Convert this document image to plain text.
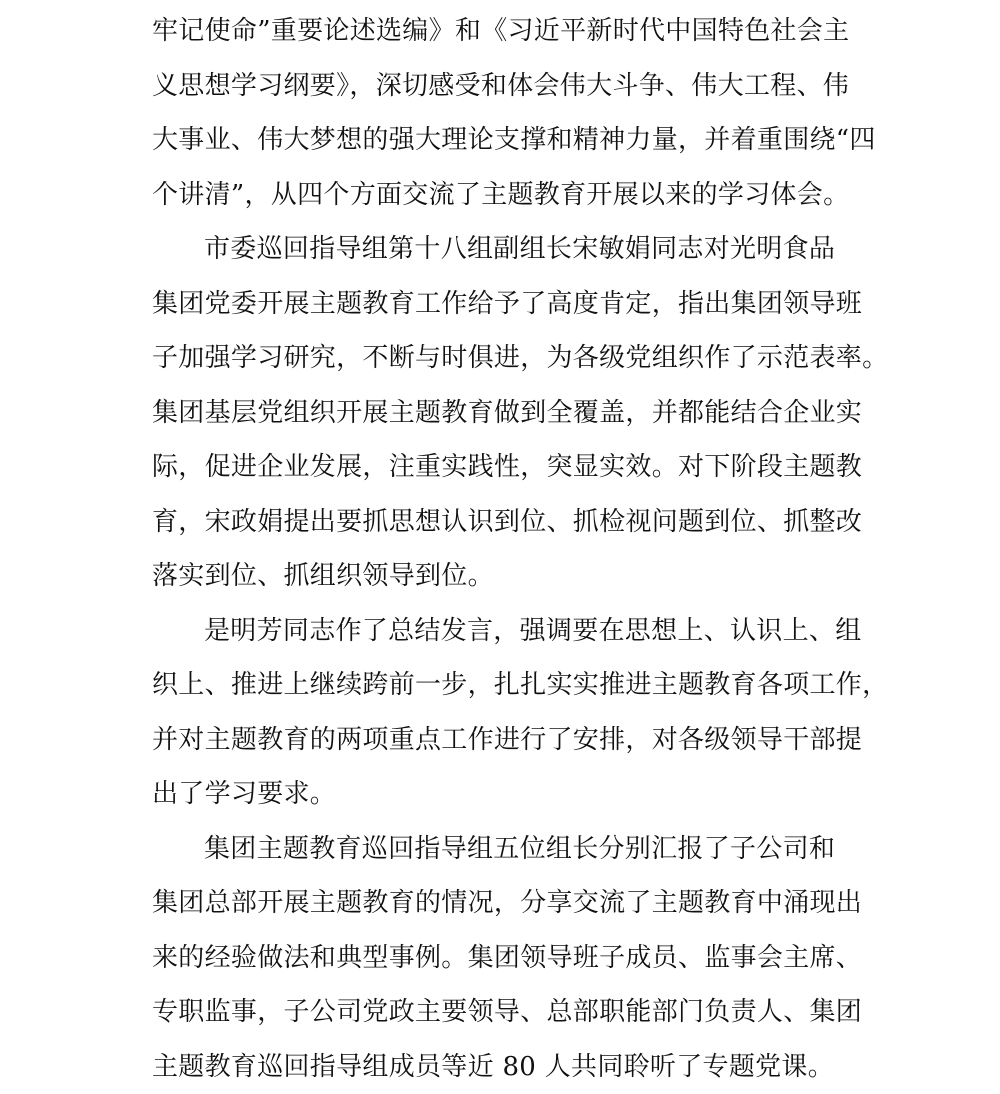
牢记使命”重要论述选编》和《习近平新时代中国特色社会主
义思想学习纲要》，深切感受和体会伟大斗争、伟大工程、伟
大事业、伟大梦想的强大理论支撑和精神力量，并着重围绕“四
个讲清”，从四个方面交流了主题教育开展以来的学习体会。
市委巡回指导组第十八组副组长宋敏娟同志对光明食品
集团党委开展主题教育工作给予了高度肯定，指出集团领导班
子加强学习研究，不断与时俱进，为各级党组织作了示范表率。
集团基层党组织开展主题教育做到全覆盖，并都能结合企业实
际，促进企业发展，注重实践性，突显实效。对下阶段主题教
育，宋政娟提出要抓思想认识到位、抓检视问题到位、抓整改
落实到位、抓组织领导到位。
是明芳同志作了总结发言，强调要在思想上、认识上、组
织上、推进上继续跨前一步，扎扎实实推进主题教育各项工作，
并对主题教育的两项重点工作进行了安排，对各级领导干部提
出了学习要求。
集团主题教育巡回指导组五位组长分别汇报了子公司和
集团总部开展主题教育的情况，分享交流了主题教育中涌现出
来的经验做法和典型事例。集团领导班子成员、监事会主席、
专职监事，子公司党政主要领导、总部职能部门负责人、集团
主题教育巡回指导组成员等近 80 人共同聆听了专题党课。
